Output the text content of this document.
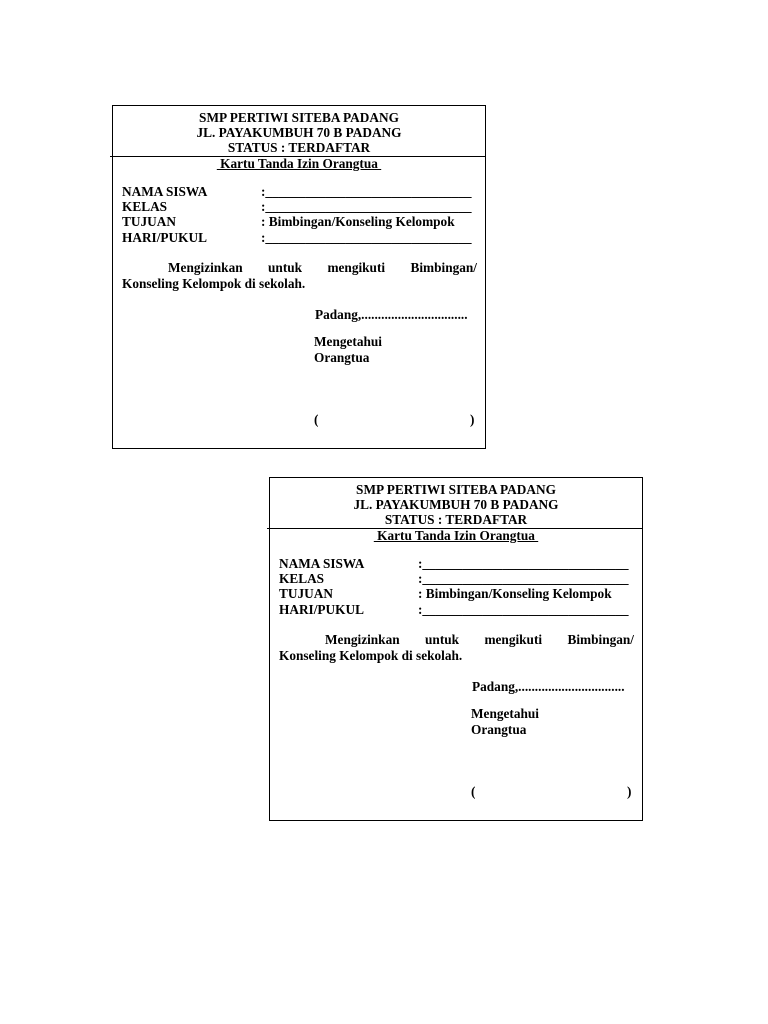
SMP PERTIWI SITEBA PADANG
JL. PAYAKUMBUH 70 B PADANG
STATUS : TERDAFTAR
Kartu Tanda Izin Orangtua
NAMA SISWA	:_______________________________
KELAS	:_______________________________
TUJUAN	: Bimbingan/Konseling Kelompok
HARI/PUKUL	:_______________________________
Mengizinkan untuk mengikuti Bimbingan/
Konseling Kelompok di sekolah.
Padang,................................
Mengetahui
Orangtua
(	)
SMP PERTIWI SITEBA PADANG
JL. PAYAKUMBUH 70 B PADANG
STATUS : TERDAFTAR
Kartu Tanda Izin Orangtua
NAMA SISWA	:_______________________________
KELAS	:_______________________________
TUJUAN	: Bimbingan/Konseling Kelompok
HARI/PUKUL	:_______________________________
Mengizinkan untuk mengikuti Bimbingan/
Konseling Kelompok di sekolah.
Padang,................................
Mengetahui
Orangtua
(	)
